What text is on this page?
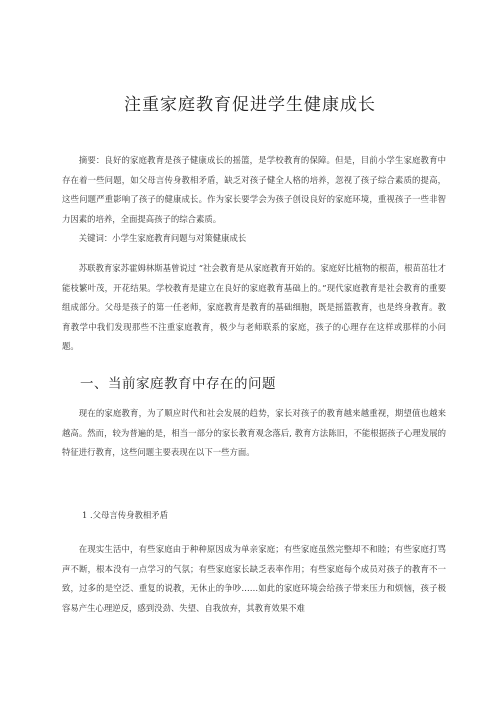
注重家庭教育促进学生健康成长

摘要：良好的家庭教育是孩子健康成长的摇篮，是学校教育的保障。但是，目前小学生家庭教育中存在着一些问题，如父母言传身教相矛盾，缺乏对孩子健全人格的培养，忽视了孩子综合素质的提高，这些问题严重影响了孩子的健康成长。作为家长要学会为孩子创设良好的家庭环境，重视孩子一些非智力因素的培养，全面提高孩子的综合素质。

关键词：小学生家庭教育问题与对策健康成长

苏联教育家苏霍姆林斯基曾说过 “社会教育是从家庭教育开始的。家庭好比植物的根苗，根苗茁壮才能枝繁叶茂，开花结果。学校教育是建立在良好的家庭教育基础上的。”现代家庭教育是社会教育的重要组成部分。父母是孩子的第一任老师，家庭教育是教育的基础细胞，既是摇篮教育，也是终身教育。教育教学中我们发现那些不注重家庭教育，极少与老师联系的家庭，孩子的心理存在这样或那样的小问题。

一、当前家庭教育中存在的问题

现在的家庭教育，为了顺应时代和社会发展的趋势，家长对孩子的教育越来越重视，期望值也越来越高。然而，较为普遍的是，相当一部分的家长教育观念落后, 教育方法陈旧，不能根据孩子心理发展的特征进行教育，这些问题主要表现在以下一些方面。

1 .父母言传身教相矛盾

在现实生活中，有些家庭由于种种原因成为单亲家庭；有些家庭虽然完整却不和睦；有些家庭打骂声不断，根本没有一点学习的气氛；有些家庭家长缺乏表率作用；有些家庭每个成员对孩子的教育不一致，过多的是空泛、重复的说教，无休止的争吵……如此的家庭环境会给孩子带来压力和烦恼，孩子极容易产生心理逆反，感到没劲、失望、自我放弃，其教育效果不难
